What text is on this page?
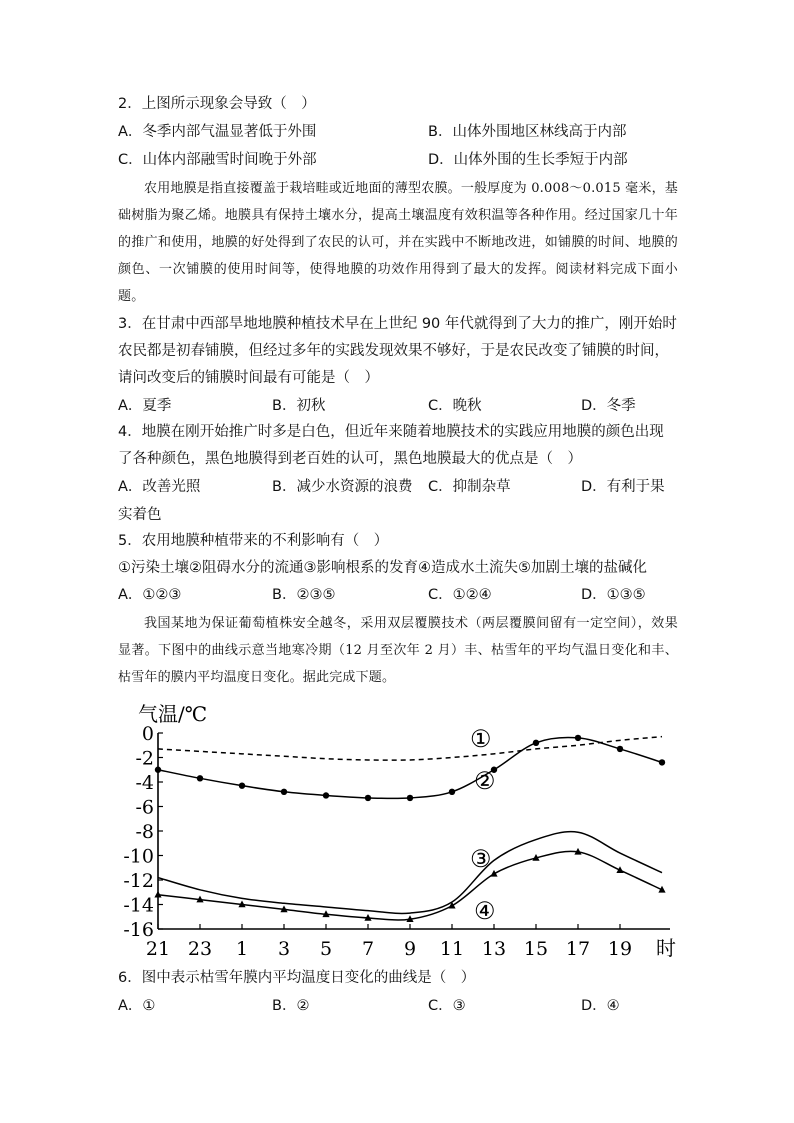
2．上图所示现象会导致（　）
A．冬季内部气温显著低于外围	B．山体外围地区林线高于内部
C．山体内部融雪时间晚于外部	D．山体外围的生长季短于内部
农用地膜是指直接覆盖于栽培畦或近地面的薄型农膜。一般厚度为 0.008～0.015 毫米，基础树脂为聚乙烯。地膜具有保持土壤水分，提高土壤温度有效积温等各种作用。经过国家几十年的推广和使用，地膜的好处得到了农民的认可，并在实践中不断地改进，如铺膜的时间、地膜的颜色、一次铺膜的使用时间等，使得地膜的功效作用得到了最大的发挥。阅读材料完成下面小题。
3．在甘肃中西部旱地地膜种植技术早在上世纪 90 年代就得到了大力的推广，刚开始时农民都是初春铺膜，但经过多年的实践发现效果不够好，于是农民改变了铺膜的时间，请问改变后的铺膜时间最有可能是（　）
A．夏季	B．初秋	C．晚秋	D．冬季
4．地膜在刚开始推广时多是白色，但近年来随着地膜技术的实践应用地膜的颜色出现了各种颜色，黑色地膜得到老百姓的认可，黑色地膜最大的优点是（　）
A．改善光照	B．减少水资源的浪费 C．抑制杂草	D．有利于果
实着色
5．农用地膜种植带来的不利影响有（　）
①污染土壤②阻碍水分的流通③影响根系的发育④造成水土流失⑤加剧土壤的盐碱化
A．①②③	B．②③⑤	C．①②④	D．①③⑤
我国某地为保证葡萄植株安全越冬，采用双层覆膜技术（两层覆膜间留有一定空间），效果显著。下图中的曲线示意当地寒冷期（12 月至次年 2 月）丰、枯雪年的平均气温日变化和丰、枯雪年的膜内平均温度日变化。据此完成下题。
气温/℃
0
-2
-4
-6
-8
-10
-12
-14
-16
21 23 1 3 5 7 9 11 13 15 17 19
①
②
③
④
时
6．图中表示枯雪年膜内平均温度日变化的曲线是（　）
A．①	B．②	C．③	D．④
